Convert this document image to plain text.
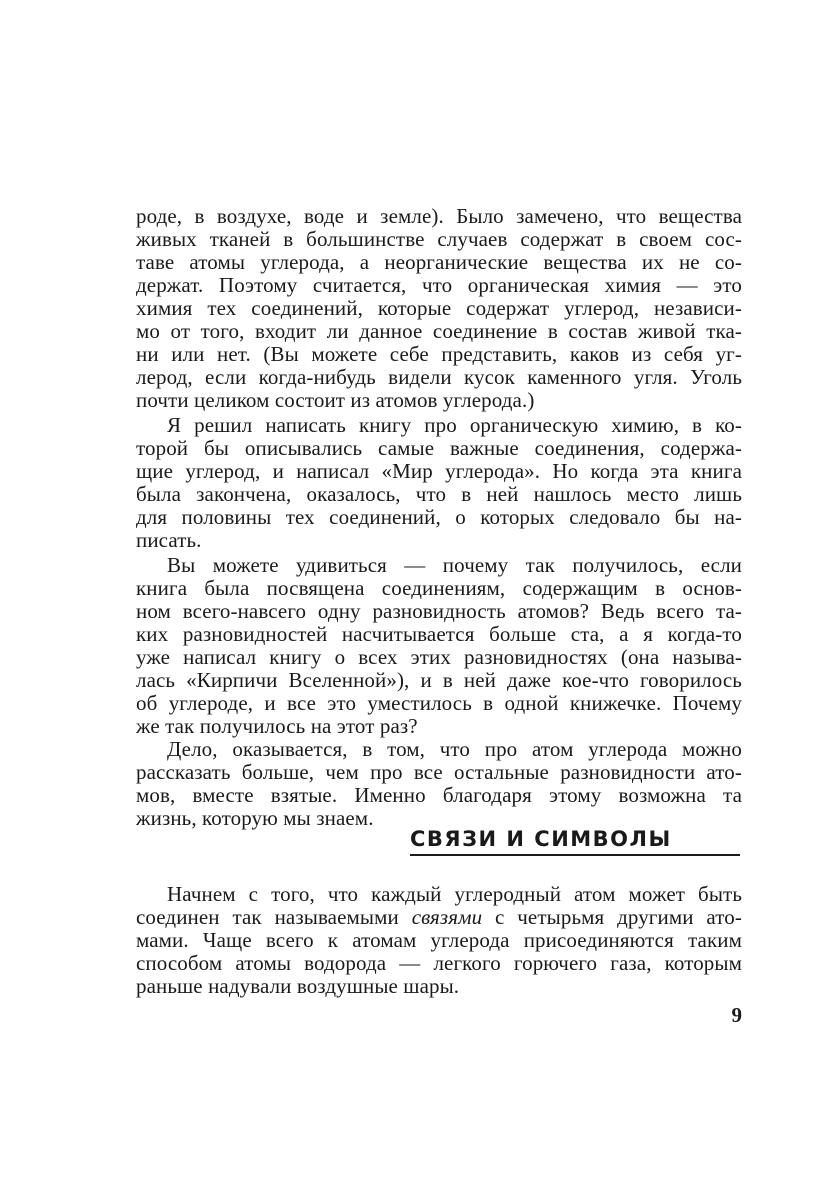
роде, в воздухе, воде и земле). Было замечено, что вещества
живых тканей в большинстве случаев содержат в своем сос-
таве атомы углерода, а неорганические вещества их не со-
держат. Поэтому считается, что органическая химия — это
химия тех соединений, которые содержат углерод, независи-
мо от того, входит ли данное соединение в состав живой тка-
ни или нет. (Вы можете себе представить, каков из себя уг-
лерод, если когда-нибудь видели кусок каменного угля. Уголь
почти целиком состоит из атомов углерода.)
Я решил написать книгу про органическую химию, в ко-
торой бы описывались самые важные соединения, содержа-
щие углерод, и написал «Мир углерода». Но когда эта книга
была закончена, оказалось, что в ней нашлось место лишь
для половины тех соединений, о которых следовало бы на-
писать.
Вы можете удивиться — почему так получилось, если
книга была посвящена соединениям, содержащим в основ-
ном всего-навсего одну разновидность атомов? Ведь всего та-
ких разновидностей насчитывается больше ста, а я когда-то
уже написал книгу о всех этих разновидностях (она называ-
лась «Кирпичи Вселенной»), и в ней даже кое-что говорилось
об углероде, и все это уместилось в одной книжечке. Почему
же так получилось на этот раз?
Дело, оказывается, в том, что про атом углерода можно
рассказать больше, чем про все остальные разновидности ато-
мов, вместе взятые. Именно благодаря этому возможна та
жизнь, которую мы знаем.
СВЯЗИ И СИМВОЛЫ
Начнем с того, что каждый углеродный атом может быть
соединен так называемыми связями с четырьмя другими ато-
мами. Чаще всего к атомам углерода присоединяются таким
способом атомы водорода — легкого горючего газа, которым
раньше надували воздушные шары.
9
